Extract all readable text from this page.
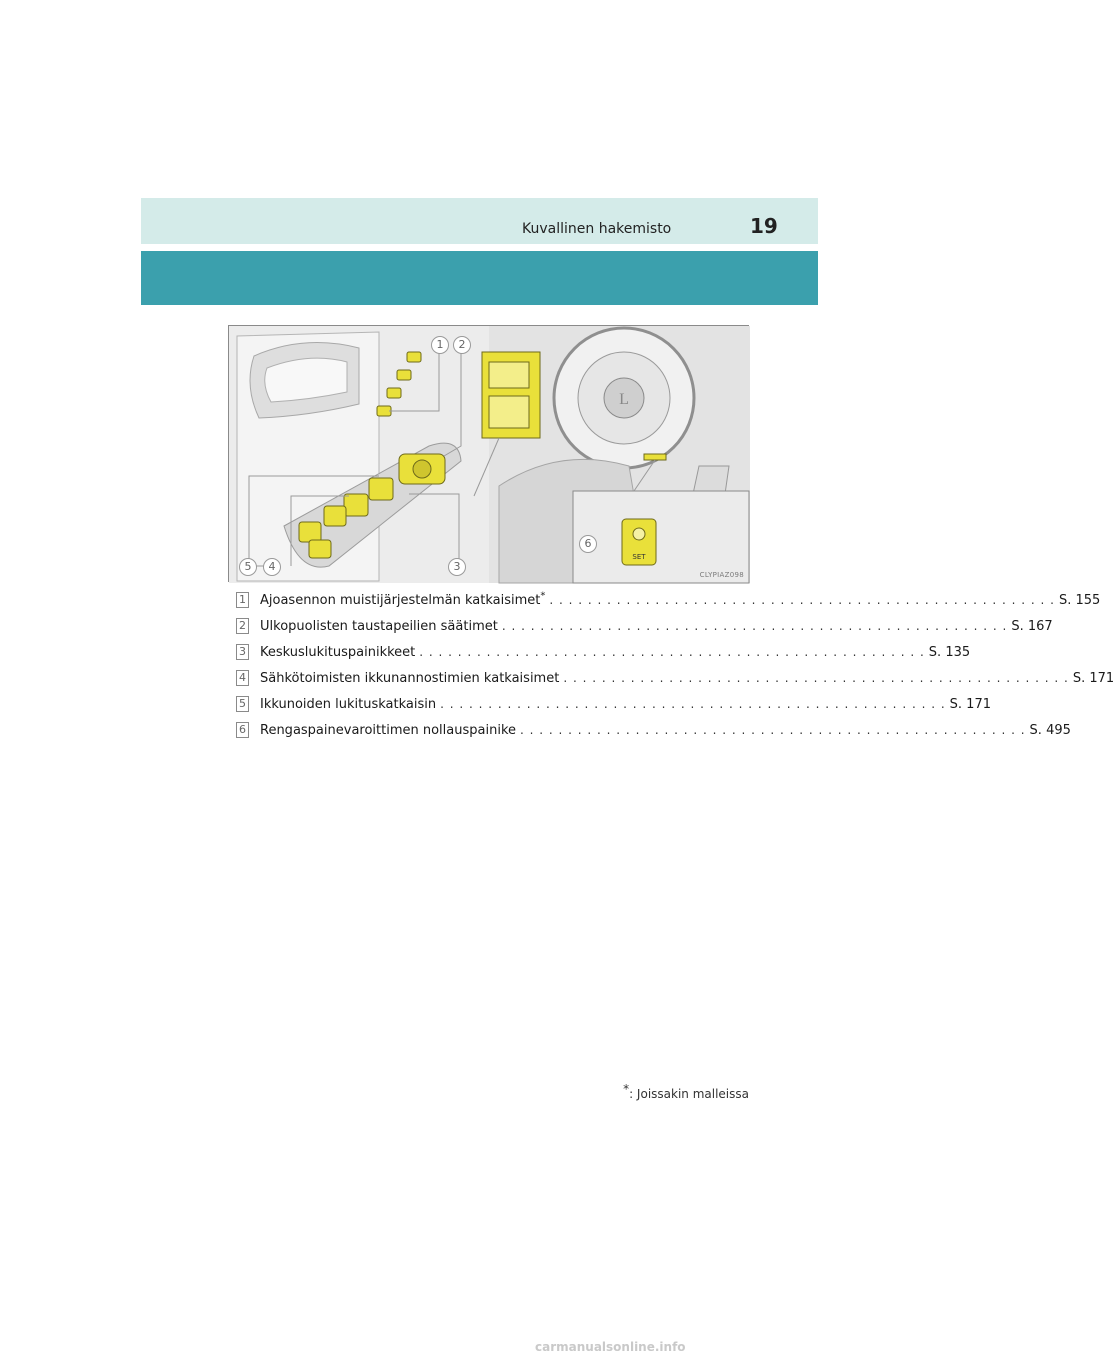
Kuvallinen hakemisto	19
L
SET
1	2
3
4
5
6
CLYPIAZ098
1 Ajoasennon muistijärjestelmän katkaisimet* . . . . . . . . . . . . . . . . . . . . . . . . . . . . . . . . . . . . . . . . . . . . . . . . . . . . . S. 155
2 Ulkopuolisten taustapeilien säätimet . . . . . . . . . . . . . . . . . . . . . . . . . . . . . . . . . . . . . . . . . . . . . . . . . . . . . S. 167
3 Keskuslukituspainikkeet . . . . . . . . . . . . . . . . . . . . . . . . . . . . . . . . . . . . . . . . . . . . . . . . . . . . . S. 135
4 Sähkötoimisten ikkunannostimien katkaisimet . . . . . . . . . . . . . . . . . . . . . . . . . . . . . . . . . . . . . . . . . . . . . . . . . . . . . S. 171
5 Ikkunoiden lukituskatkaisin . . . . . . . . . . . . . . . . . . . . . . . . . . . . . . . . . . . . . . . . . . . . . . . . . . . . . S. 171
6 Rengaspainevaroittimen nollauspainike . . . . . . . . . . . . . . . . . . . . . . . . . . . . . . . . . . . . . . . . . . . . . . . . . . . . . S. 495
*: Joissakin malleissa
carmanualsonline.info
